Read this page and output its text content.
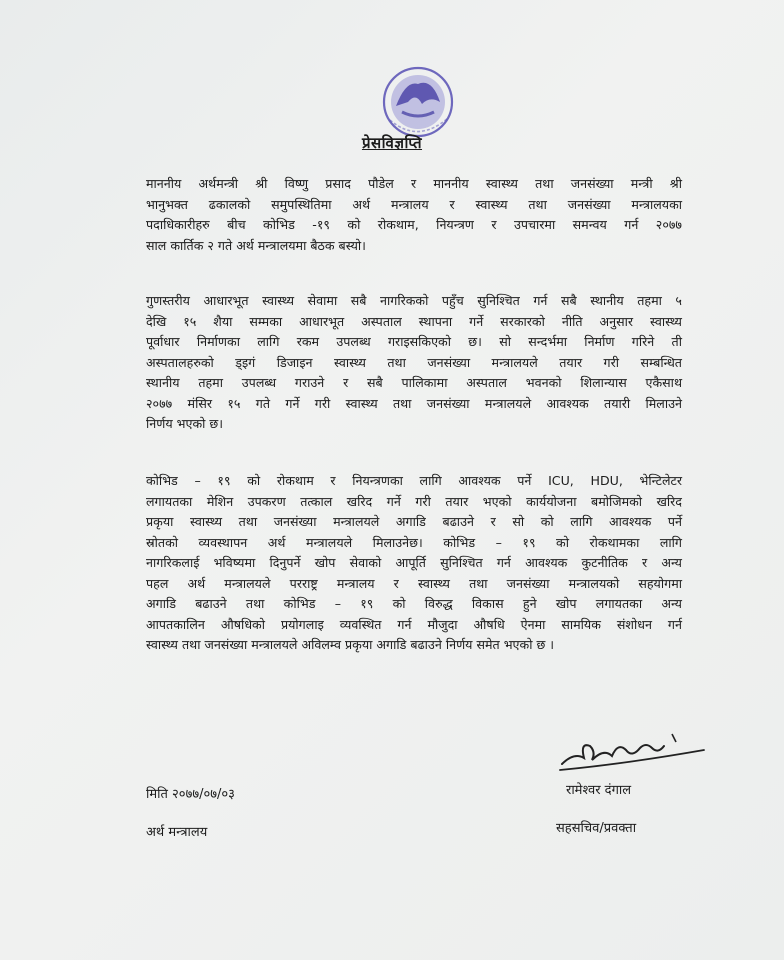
प्रेसविज्ञप्ति
माननीय अर्थमन्त्री श्री विष्णु प्रसाद पौडेल र माननीय स्वास्थ्य तथा जनसंख्या मन्त्री श्री
भानुभक्त ढकालको समुपस्थितिमा अर्थ मन्त्रालय र स्वास्थ्य तथा जनसंख्या मन्त्रालयका
पदाधिकारीहरु बीच कोभिड -१९ को रोकथाम, नियन्त्रण र उपचारमा समन्वय गर्न २०७७
साल कार्तिक २ गते अर्थ मन्त्रालयमा बैठक बस्यो।
गुणस्तरीय आधारभूत स्वास्थ्य सेवामा सबै नागरिकको पहुँच सुनिश्चित गर्न सबै स्थानीय तहमा ५
देखि १५ शैया सम्मका आधारभूत अस्पताल स्थापना गर्ने सरकारको नीति अनुसार स्वास्थ्य
पूर्वाधार निर्माणका लागि रकम उपलब्ध गराइसकिएको छ। सो सन्दर्भमा निर्माण गरिने ती
अस्पतालहरुको ड्इगं डिजाइन स्वास्थ्य तथा जनसंख्या मन्त्रालयले तयार गरी सम्बन्धित
स्थानीय तहमा उपलब्ध गराउने र सबै पालिकामा अस्पताल भवनको शिलान्यास एकैसाथ
२०७७ मंसिर १५ गते गर्ने गरी स्वास्थ्य तथा जनसंख्या मन्त्रालयले आवश्यक तयारी मिलाउने
निर्णय भएको छ।
कोभिड – १९ को रोकथाम र नियन्त्रणका लागि आवश्यक पर्ने ICU, HDU, भेन्टिलेटर
लगायतका मेशिन उपकरण तत्काल खरिद गर्ने गरी तयार भएको कार्ययोजना बमोजिमको खरिद
प्रकृया स्वास्थ्य तथा जनसंख्या मन्त्रालयले अगाडि बढाउने र सो को लागि आवश्यक पर्ने
स्रोतको व्यवस्थापन अर्थ मन्त्रालयले मिलाउनेछ। कोभिड – १९ को रोकथामका लागि
नागरिकलाई भविष्यमा दिनुपर्ने खोप सेवाको आपूर्ति सुनिश्चित गर्न आवश्यक कुटनीतिक र अन्य
पहल अर्थ मन्त्रालयले परराष्ट्र मन्त्रालय र स्वास्थ्य तथा जनसंख्या मन्त्रालयको सहयोगमा
अगाडि बढाउने तथा कोभिड – १९ को विरुद्ध विकास हुने खोप लगायतका अन्य
आपतकालिन औषधिको प्रयोगलाइ व्यवस्थित गर्न मौजुदा औषधि ऐनमा सामयिक संशोधन गर्न
स्वास्थ्य तथा जनसंख्या मन्त्रालयले अविलम्व प्रकृया अगाडि बढाउने निर्णय समेत भएको छ ।
मिति २०७७/०७/०३	रामेश्वर दंगाल
अर्थ मन्त्रालय	सहसचिव/प्रवक्ता
